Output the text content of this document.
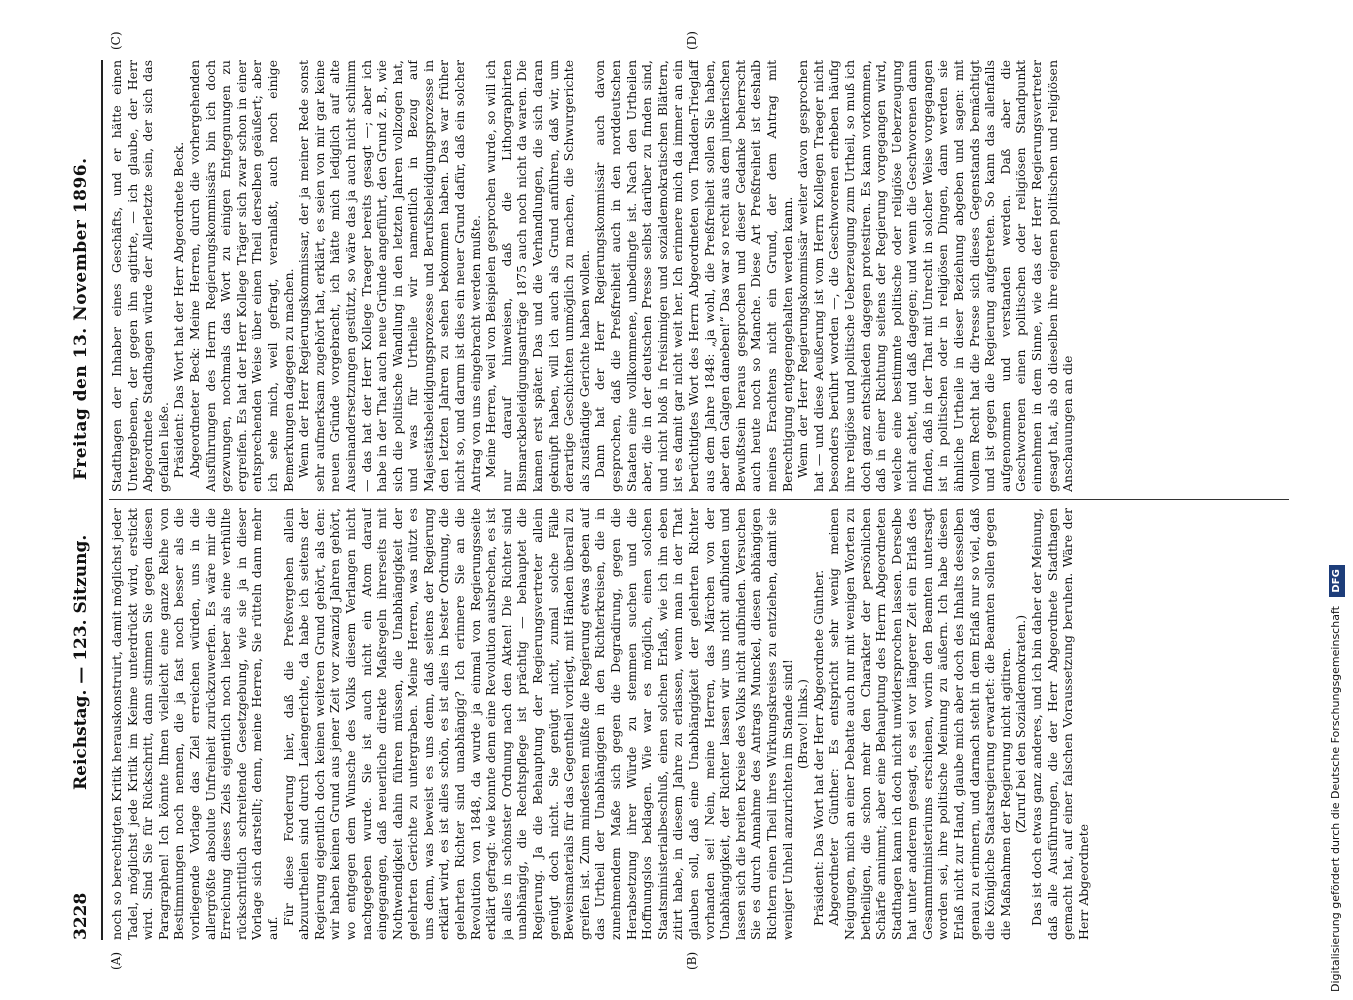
3228
Reichstag. — 123. Sitzung.
Freitag den 13. November 1896.
(A)	(B)
(C)	(D)

noch so berechtigten Kritik herauskonstruirt, damit möglichst jeder Tadel, möglichst jede Kritik im Keime unterdrückt wird, erstickt wird. Sind Sie für Rückschritt, dann stimmen Sie gegen diesen Paragraphen! Ich könnte Ihnen vielleicht eine ganze Reihe von Bestimmungen noch nennen, die ja fast noch besser als die vorliegende Vorlage das Ziel erreichen würden, uns in die allergrößte absolute Unfreiheit zurückzuwerfen. Es wäre mir die Erreichung dieses Ziels eigentlich noch lieber als eine verhüllte rückschrittlich schreitende Gesetzgebung, wie sie ja in dieser Vorlage sich darstellt; denn, meine Herren, Sie rütteln dann mehr auf.

Für diese Forderung hier, daß die Preßvergehen allein abzuurtheilen sind durch Laiengerichte, da habe ich seitens der Regierung eigentlich doch keinen weiteren Grund gehört, als den: wir haben keinen Grund aus jener Zeit vor zwanzig Jahren gehört, wo entgegen dem Wunsche des Volks diesem Verlangen nicht nachgegeben wurde. Sie ist auch nicht ein Atom darauf eingegangen, daß neuerliche direkte Maßregeln ihrerseits mit Nothwendigkeit dahin führen müssen, die Unabhängigkeit der gelehrten Gerichte zu untergraben. Meine Herren, was nützt es uns denn, was beweist es uns denn, daß seitens der Regierung erklärt wird, es ist alles schön, es ist alles in bester Ordnung, die gelehrten Richter sind unabhängig? Ich erinnere Sie an die Revolution von 1848, da wurde ja einmal von Regierungsseite erklärt gefragt: wie konnte denn eine Revolution ausbrechen, es ist ja alles in schönster Ordnung nach den Akten! Die Richter sind unabhängig, die Rechtspflege ist prächtig — behauptet die Regierung. Ja die Behauptung der Regierungsvertreter allein genügt doch nicht. Sie genügt nicht, zumal solche Fälle Beweismaterials für das Gegentheil vorliegt, mit Händen überall zu greifen ist. Zum mindesten müßte die Regierung etwas geben auf das Urtheil der Unabhängigen in den Richterkreisen, die in zunehmendem Maße sich gegen die Degradirung, gegen die Herabsetzung ihrer Würde zu stemmen suchen und die Hoffnungslos beklagen. Wie war es möglich, einen solchen Staatsministerialbeschluß, einen solchen Erlaß, wie ich ihn eben zitirt habe, in diesem Jahre zu erlassen, wenn man in der That glauben soll, daß eine Unabhängigkeit der gelehrten Richter vorhanden sei! Nein, meine Herren, das Märchen von der Unabhängigkeit, der Richter lassen wir uns nicht aufbinden und lassen sich die breiten Kreise des Volks nicht aufbinden. Versuchen Sie es durch Annahme des Antrags Munckel, diesen abhängigen Richtern einen Theil ihres Wirkungskreises zu entziehen, damit sie weniger Unheil anzurichten im Stande sind! (Bravo! links.) Präsident: Das Wort hat der Herr Abgeordnete Günther. Abgeordneter Günther: Es entspricht sehr wenig meinen Neigungen, mich an einer Debatte auch nur mit wenigen Worten zu betheiligen, die schon mehr den Charakter der persönlichen Schärfe annimmt; aber eine Behauptung des Herrn Abgeordneten Stadthagen kann ich doch nicht unwidersprochen lassen. Derselbe hat unter anderem gesagt, es sei vor längerer Zeit ein Erlaß des Gesammtministeriums erschienen, worin den Beamten untersagt worden sei, ihre politische Meinung zu äußern. Ich habe diesen Erlaß nicht zur Hand, glaube mich aber doch des Inhalts desselben genau zu erinnern, und darnach steht in dem Erlaß nur so viel, daß die Königliche Staatsregierung erwartet: die Beamten sollen gegen die Maßnahmen der Regierung nicht agitiren. (Zuruf bei den Sozialdemokraten.) Das ist doch etwas ganz anderes, und ich bin daher der Meinung, daß alle Ausführungen, die der Herr Abgeordnete Stadthagen gemacht hat, auf einer falschen Voraussetzung beruhen. Wäre der Herr Abgeordnete

Stadthagen der Inhaber eines Geschäfts, und er hätte einen Untergebenen, der gegen ihn agitirte, — ich glaube, der Herr Abgeordnete Stadthagen würde der Allerletzte sein, der sich das gefallen ließe. Präsident: Das Wort hat der Herr Abgeordnete Beck. Abgeordneter Beck: Meine Herren, durch die vorhergehenden Ausführungen des Herrn Regierungskommissärs bin ich doch gezwungen, nochmals das Wort zu einigen Entgegnungen zu ergreifen. Es hat der Herr Kollege Träger sich zwar schon in einer entsprechenden Weise über einen Theil derselben geäußert; aber ich sehe mich, weil gefragt, veranlaßt, auch noch einige Bemerkungen dagegen zu machen. Wenn der Herr Regierungskommissar, der ja meiner Rede sonst sehr aufmerksam zugehört hat, erklärt, es seien von mir gar keine neuen Gründe vorgebracht, ich hätte mich lediglich auf alte Auseinandersetzungen gestützt, so wäre das ja auch nicht schlimm — das hat der Herr Kollege Traeger bereits gesagt —; aber ich habe in der That auch neue Gründe angeführt, den Grund z. B., wie sich die politische Wandlung in den letzten Jahren vollzogen hat, und was für Urtheile wir namentlich in Bezug auf Majestätsbeleidigungsprozesse und Berufsbeleidigungsprozesse in den letzten Jahren zu sehen bekommen haben. Das war früher nicht so, und darum ist dies ein neuer Grund dafür, daß ein solcher Antrag von uns eingebracht werden mußte. Meine Herren, weil von Beispielen gesprochen wurde, so will ich nur darauf hinweisen, daß die Lithographirten Bismarckbeleidigungsanträge 1875 auch noch nicht da waren. Die kamen erst später. Das und die Verhandlungen, die sich daran geknüpft haben, will ich auch als Grund anführen, daß wir, um derartige Geschichten unmöglich zu machen, die Schwurgerichte als zuständige Gerichte haben wollen. Dann hat der Herr Regierungskommissär auch davon gesprochen, daß die Preßfreiheit auch in den norddeutschen Staaten eine vollkommene, unbedingte ist. Nach den Urtheilen aber, die in der deutschen Presse selbst darüber zu finden sind, und nicht bloß in freisinnigen und sozialdemokratischen Blättern, ist es damit gar nicht weit her. Ich erinnere mich da immer an ein berüchtigtes Wort des Herrn Abgeordneten von Thadden-Trieglaff aus dem Jahre 1848: „ja wohl, die Preßfreiheit sollen Sie haben, aber den Galgen daneben!“ Das war so recht aus dem junkerischen Bewußtsein heraus gesprochen und dieser Gedanke beherrscht auch heute noch so Manche. Diese Art Preßfreiheit ist deshalb meines Erachtens nicht ein Grund, der dem Antrag mit Berechtigung entgegengehalten werden kann. Wenn der Herr Regierungskommissär weiter davon gesprochen hat — und diese Aeußerung ist vom Herrn Kollegen Traeger nicht besonders berührt worden —, die Geschworenen erheben häufig ihre religiöse und politische Ueberzeugung zum Urtheil, so muß ich doch ganz entschieden dagegen protestiren. Es kann vorkommen, daß in einer Richtung seitens der Regierung vorgegangen wird, welche eine bestimmte politische oder religiöse Ueberzeugung nicht achtet, und daß dagegen; und wenn die Geschworenen dann finden, daß in der That mit Unrecht in solcher Weise vorgegangen ist in politischen oder in religiösen Dingen, dann werden sie ähnliche Urtheile in dieser Beziehung abgeben und sagen: mit vollem Recht hat die Presse sich dieses Gegenstands bemächtigt und ist gegen die Regierung aufgetreten. So kann das allenfalls aufgenommen und verstanden werden. Daß aber die Geschworenen einen politischen oder religiösen Standpunkt einnehmen in dem Sinne, wie das der Herr Regierungsvertreter gesagt hat, als ob dieselben ihre eigenen politischen und religiösen Anschauungen an die

Digitalisierung gefördert durch die Deutsche Forschungsgemeinschaft DFG
